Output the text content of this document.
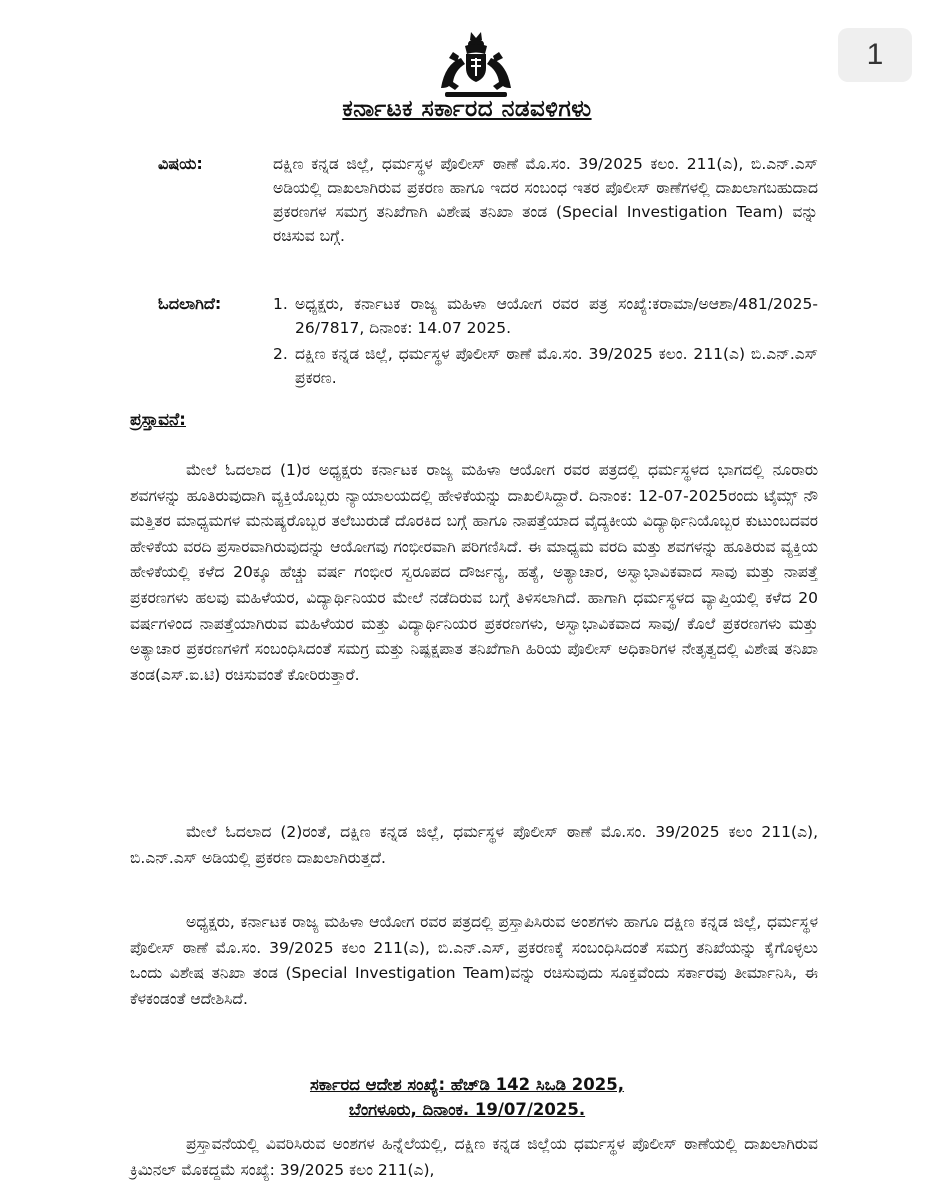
1
ಕರ್ನಾಟಕ ಸರ್ಕಾರದ ನಡವಳಿಗಳು
ವಿಷಯ:	ದಕ್ಷಿಣ ಕನ್ನಡ ಜಿಲ್ಲೆ, ಧರ್ಮಸ್ಥಳ ಪೊಲೀಸ್ ಠಾಣೆ ಮೊ.ಸಂ. 39/2025 ಕಲಂ. 211(ಎ), ಬಿ.ಎನ್.ಎಸ್ ಅಡಿಯಲ್ಲಿ ದಾಖಲಾಗಿರುವ ಪ್ರಕರಣ ಹಾಗೂ ಇದರ ಸಂಬಂಧ ಇತರ ಪೊಲೀಸ್ ಠಾಣೆಗಳಲ್ಲಿ ದಾಖಲಾಗಬಹುದಾದ ಪ್ರಕರಣಗಳ ಸಮಗ್ರ ತನಿಖೆಗಾಗಿ ವಿಶೇಷ ತನಿಖಾ ತಂಡ (Special Investigation Team) ವನ್ನು ರಚಿಸುವ ಬಗ್ಗೆ.
ಓದಲಾಗಿದೆ:	1. ಅಧ್ಯಕ್ಷರು, ಕರ್ನಾಟಕ ರಾಜ್ಯ ಮಹಿಳಾ ಆಯೋಗ ರವರ ಪತ್ರ ಸಂಖ್ಯೆ:ಕರಾಮಾ/ಅಆಶಾ/481/2025-26/7817, ದಿನಾಂಕ: 14.07 2025.
2. ದಕ್ಷಿಣ ಕನ್ನಡ ಜಿಲ್ಲೆ, ಧರ್ಮಸ್ಥಳ ಪೊಲೀಸ್ ಠಾಣೆ ಮೊ.ಸಂ. 39/2025 ಕಲಂ. 211(ಎ) ಬಿ.ಎನ್.ಎಸ್ ಪ್ರಕರಣ.
ಪ್ರಸ್ತಾವನೆ:
ಮೇಲೆ ಓದಲಾದ (1)ರ ಅಧ್ಯಕ್ಷರು ಕರ್ನಾಟಕ ರಾಜ್ಯ ಮಹಿಳಾ ಆಯೋಗ ರವರ ಪತ್ರದಲ್ಲಿ ಧರ್ಮಸ್ಥಳದ ಭಾಗದಲ್ಲಿ ನೂರಾರು ಶವಗಳನ್ನು ಹೂತಿರುವುದಾಗಿ ವ್ಯಕ್ತಿಯೊಬ್ಬರು ನ್ಯಾಯಾಲಯದಲ್ಲಿ ಹೇಳಿಕೆಯನ್ನು ದಾಖಲಿಸಿದ್ದಾರೆ. ದಿನಾಂಕ: 12-07-2025ರಂದು ಟೈಮ್ಸ್ ನೌ ಮತ್ತಿತರ ಮಾಧ್ಯಮಗಳ ಮನುಷ್ಯರೊಬ್ಬರ ತಲೆಬುರುಡೆ ದೊರಕಿದ ಬಗ್ಗೆ ಹಾಗೂ ನಾಪತ್ತೆಯಾದ ವೈದ್ಯಕೀಯ ವಿದ್ಯಾರ್ಥಿನಿಯೊಬ್ಬರ ಕುಟುಂಬದವರ ಹೇಳಿಕೆಯ ವರದಿ ಪ್ರಸಾರವಾಗಿರುವುದನ್ನು ಆಯೋಗವು ಗಂಭೀರವಾಗಿ ಪರಿಗಣಿಸಿದೆ. ಈ ಮಾಧ್ಯಮ ವರದಿ ಮತ್ತು ಶವಗಳನ್ನು ಹೂತಿರುವ ವ್ಯಕ್ತಿಯ ಹೇಳಿಕೆಯಲ್ಲಿ ಕಳೆದ 20ಕ್ಕೂ ಹೆಚ್ಚು ವರ್ಷ ಗಂಭೀರ ಸ್ವರೂಪದ ದೌರ್ಜನ್ಯ, ಹತ್ಯೆ, ಅತ್ಯಾಚಾರ, ಅಸ್ವಾಭಾವಿಕವಾದ ಸಾವು ಮತ್ತು ನಾಪತ್ತೆ ಪ್ರಕರಣಗಳು ಹಲವು ಮಹಿಳೆಯರ, ವಿದ್ಯಾರ್ಥಿನಿಯರ ಮೇಲೆ ನಡೆದಿರುವ ಬಗ್ಗೆ ತಿಳಿಸಲಾಗಿದೆ. ಹಾಗಾಗಿ ಧರ್ಮಸ್ಥಳದ ವ್ಯಾಪ್ತಿಯಲ್ಲಿ ಕಳೆದ 20 ವರ್ಷಗಳಿಂದ ನಾಪತ್ತೆಯಾಗಿರುವ ಮಹಿಳೆಯರ ಮತ್ತು ವಿದ್ಯಾರ್ಥಿನಿಯರ ಪ್ರಕರಣಗಳು, ಅಸ್ವಾಭಾವಿಕವಾದ ಸಾವು/ ಕೊಲೆ ಪ್ರಕರಣಗಳು ಮತ್ತು ಅತ್ಯಾಚಾರ ಪ್ರಕರಣಗಳಿಗೆ ಸಂಬಂಧಿಸಿದಂತೆ ಸಮಗ್ರ ಮತ್ತು ನಿಷ್ಪಕ್ಷಪಾತ ತನಿಖೆಗಾಗಿ ಹಿರಿಯ ಪೊಲೀಸ್ ಅಧಿಕಾರಿಗಳ ನೇತೃತ್ವದಲ್ಲಿ ವಿಶೇಷ ತನಿಖಾ ತಂಡ(ಎಸ್.ಐ.ಟಿ) ರಚಿಸುವಂತೆ ಕೋರಿರುತ್ತಾರೆ.
ಮೇಲೆ ಓದಲಾದ (2)ರಂತೆ, ದಕ್ಷಿಣ ಕನ್ನಡ ಜಿಲ್ಲೆ, ಧರ್ಮಸ್ಥಳ ಪೊಲೀಸ್ ಠಾಣೆ ಮೊ.ಸಂ. 39/2025 ಕಲಂ 211(ಎ), ಬಿ.ಎನ್.ಎಸ್ ಅಡಿಯಲ್ಲಿ ಪ್ರಕರಣ ದಾಖಲಾಗಿರುತ್ತದೆ.
ಅಧ್ಯಕ್ಷರು, ಕರ್ನಾಟಕ ರಾಜ್ಯ ಮಹಿಳಾ ಆಯೋಗ ರವರ ಪತ್ರದಲ್ಲಿ ಪ್ರಸ್ತಾಪಿಸಿರುವ ಅಂಶಗಳು ಹಾಗೂ ದಕ್ಷಿಣ ಕನ್ನಡ ಜಿಲ್ಲೆ, ಧರ್ಮಸ್ಥಳ ಪೊಲೀಸ್ ಠಾಣೆ ಮೊ.ಸಂ. 39/2025 ಕಲಂ 211(ಎ), ಬಿ.ಎನ್.ಎಸ್, ಪ್ರಕರಣಕ್ಕೆ ಸಂಬಂಧಿಸಿದಂತೆ ಸಮಗ್ರ ತನಿಖೆಯನ್ನು ಕೈಗೊಳ್ಳಲು ಒಂದು ವಿಶೇಷ ತನಿಖಾ ತಂಡ (Special Investigation Team)ವನ್ನು ರಚಿಸುವುದು ಸೂಕ್ತವೆಂದು ಸರ್ಕಾರವು ತೀರ್ಮಾನಿಸಿ, ಈ ಕೆಳಕಂಡಂತೆ ಆದೇಶಿಸಿದೆ.
ಸರ್ಕಾರದ ಆದೇಶ ಸಂಖ್ಯೆ: ಹೆಚ್‌ಡಿ 142 ಸಿಒಡಿ 2025,
ಬೆಂಗಳೂರು, ದಿನಾಂಕ. 19/07/2025.
ಪ್ರಸ್ತಾವನೆಯಲ್ಲಿ ವಿವರಿಸಿರುವ ಅಂಶಗಳ ಹಿನ್ನೆಲೆಯಲ್ಲಿ, ದಕ್ಷಿಣ ಕನ್ನಡ ಜಿಲ್ಲೆಯ ಧರ್ಮಸ್ಥಳ ಪೊಲೀಸ್ ಠಾಣೆಯಲ್ಲಿ ದಾಖಲಾಗಿರುವ ಕ್ರಿಮಿನಲ್ ಮೊಕದ್ದಮೆ ಸಂಖ್ಯೆ: 39/2025 ಕಲಂ 211(ಎ),
